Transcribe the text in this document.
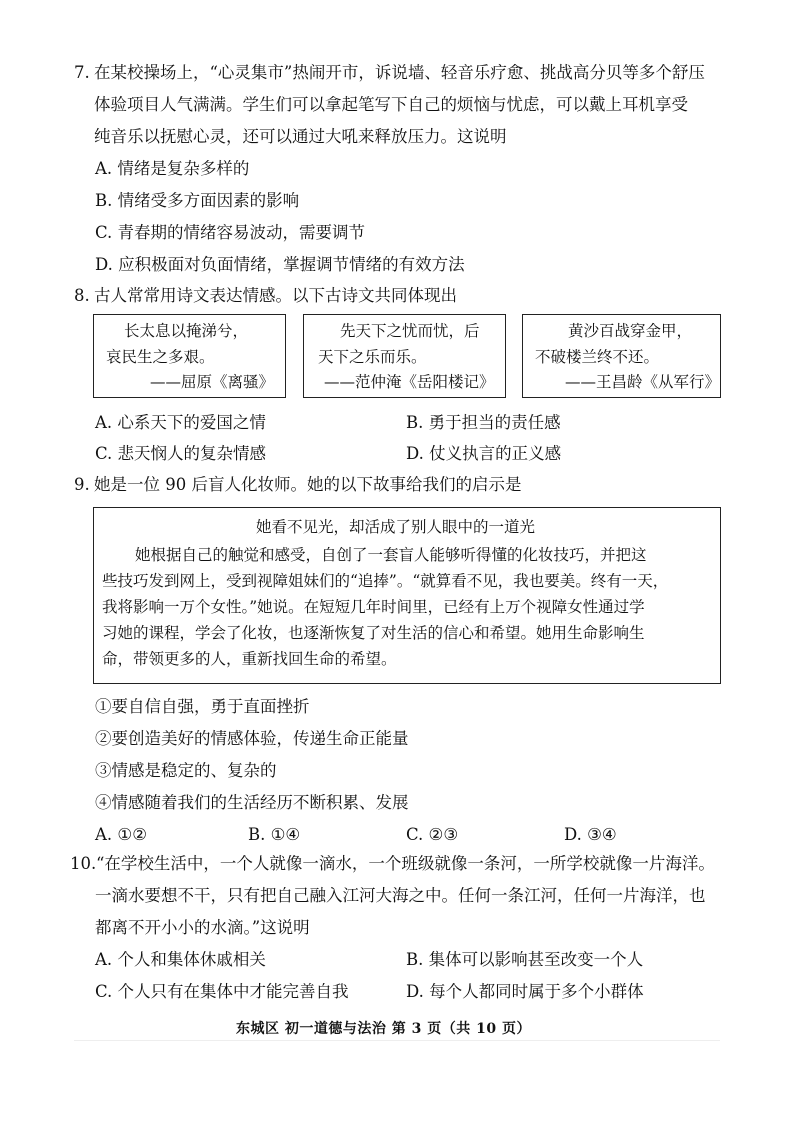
7. 在某校操场上，“心灵集市”热闹开市，诉说墙、轻音乐疗愈、挑战高分贝等多个舒压
体验项目人气满满。学生们可以拿起笔写下自己的烦恼与忧虑，可以戴上耳机享受
纯音乐以抚慰心灵，还可以通过大吼来释放压力。这说明
A. 情绪是复杂多样的
B. 情绪受多方面因素的影响
C. 青春期的情绪容易波动，需要调节
D. 应积极面对负面情绪，掌握调节情绪的有效方法
8. 古人常常用诗文表达情感。以下古诗文共同体现出
长太息以掩涕兮，
哀民生之多艰。
——屈原《离骚》
先天下之忧而忧，后
天下之乐而乐。
——范仲淹《岳阳楼记》
黄沙百战穿金甲，
不破楼兰终不还。
——王昌龄《从军行》
A. 心系天下的爱国之情	B. 勇于担当的责任感
C. 悲天悯人的复杂情感	D. 仗义执言的正义感
9. 她是一位 90 后盲人化妆师。她的以下故事给我们的启示是
她看不见光，却活成了别人眼中的一道光
她根据自己的触觉和感受，自创了一套盲人能够听得懂的化妆技巧，并把这
些技巧发到网上，受到视障姐妹们的“追捧”。“就算看不见，我也要美。终有一天，
我将影响一万个女性。”她说。在短短几年时间里，已经有上万个视障女性通过学
习她的课程，学会了化妆，也逐渐恢复了对生活的信心和希望。她用生命影响生
命，带领更多的人，重新找回生命的希望。
①要自信自强，勇于直面挫折
②要创造美好的情感体验，传递生命正能量
③情感是稳定的、复杂的
④情感随着我们的生活经历不断积累、发展
A. ①②	B. ①④	C. ②③	D. ③④
10. “在学校生活中，一个人就像一滴水，一个班级就像一条河，一所学校就像一片海洋。
一滴水要想不干，只有把自己融入江河大海之中。任何一条江河，任何一片海洋，也
都离不开小小的水滴。”这说明
A. 个人和集体休戚相关	B. 集体可以影响甚至改变一个人
C. 个人只有在集体中才能完善自我	D. 每个人都同时属于多个小群体
东城区 初一道德与法治 第 3 页（共 10 页）
